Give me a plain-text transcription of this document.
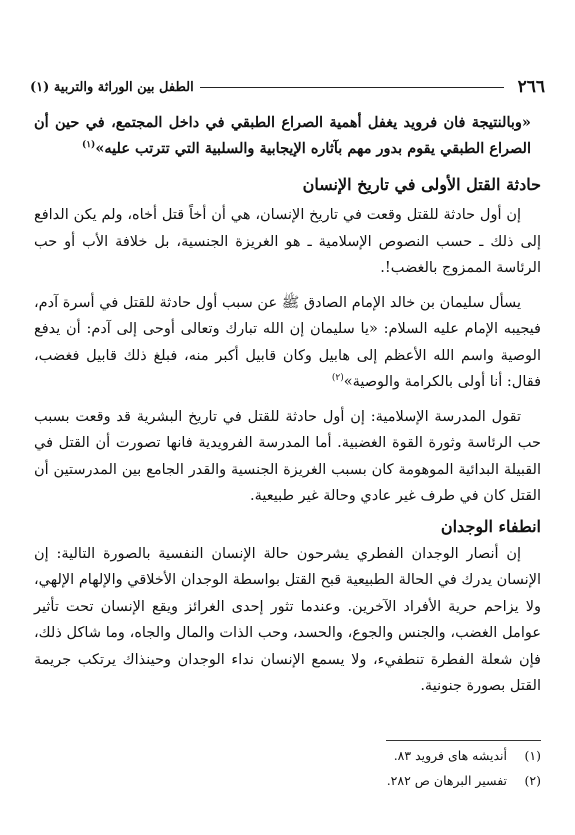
٢٦٦
الطفل بين الوراثة والتربية (١)

«وبالنتيجة فان فرويد يغفل أهمية الصراع الطبقي في داخل المجتمع، في حين أن الصراع الطبقي يقوم بدور مهم بآثاره الإيجابية والسلبية التي تترتب عليه»$^{(١)}$

حادثة القتل الأولى في تاريخ الإنسان

إن أول حادثة للقتل وقعت في تاريخ الإنسان، هي أن أخاً قتل أخاه، ولم يكن الدافع إلى ذلك ـ حسب النصوص الإسلامية ـ هو الغريزة الجنسية، بل خلافة الأب أو حب الرئاسة الممزوج بالغضب!.

يسأل سليمان بن خالد الإمام الصادق ﷺ عن سبب أول حادثة للقتل في أسرة آدم، فيجيبه الإمام عليه السلام: «يا سليمان إن الله تبارك وتعالى أوحى إلى آدم: أن يدفع الوصية واسم الله الأعظم إلى هابيل وكان قابيل أكبر منه، فبلغ ذلك قابيل فغضب، فقال: أنا أولى بالكرامة والوصية»$^{(٢)}$

تقول المدرسة الإسلامية: إن أول حادثة للقتل في تاريخ البشرية قد وقعت بسبب حب الرئاسة وثورة القوة الغضبية. أما المدرسة الفرويدية فانها تصورت أن القتل في القبيلة البدائية الموهومة كان بسبب الغريزة الجنسية والقدر الجامع بين المدرستين أن القتل كان في طرف غير عادي وحالة غير طبيعية.

انطفاء الوجدان

إن أنصار الوجدان الفطري يشرحون حالة الإنسان النفسية بالصورة التالية: إن الإنسان يدرك في الحالة الطبيعية قبح القتل بواسطة الوجدان الأخلاقي والإلهام الإلهي، ولا يزاحم حرية الأفراد الآخرين. وعندما تثور إحدى الغرائز ويقع الإنسان تحت تأثير عوامل الغضب، والجنس والجوع، والحسد، وحب الذات والمال والجاه، وما شاكل ذلك، فإن شعلة الفطرة تنطفيء، ولا يسمع الإنسان نداء الوجدان وحينذاك يرتكب جريمة القتل بصورة جنونية.

(١) أنديشه هاى فرويد ٨٣.
(٢) تفسير البرهان ص ٢٨٢.
